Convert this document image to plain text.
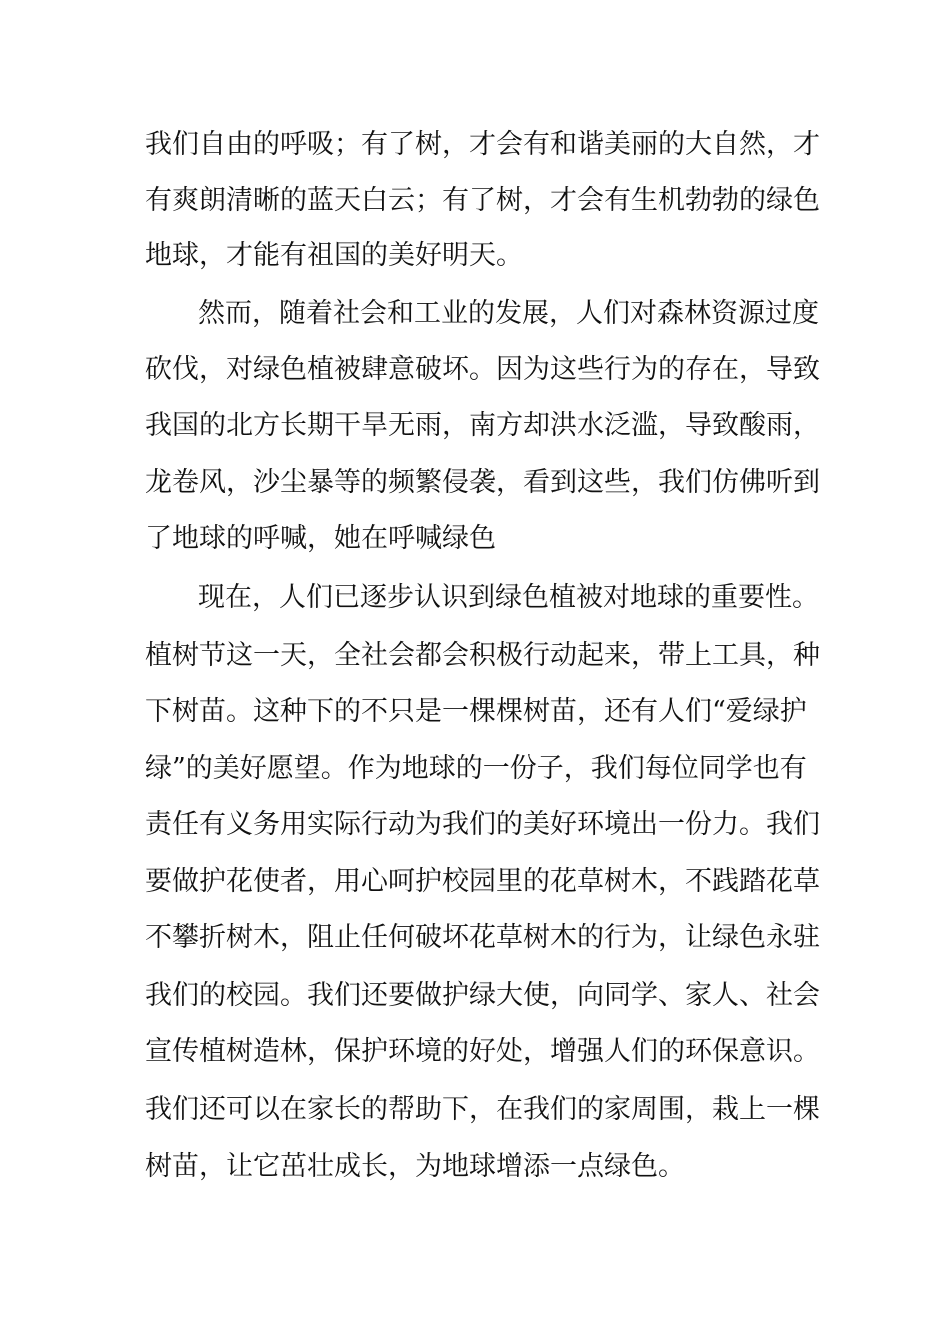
我们自由的呼吸；有了树，才会有和谐美丽的大自然，才
有爽朗清晰的蓝天白云；有了树，才会有生机勃勃的绿色
地球，才能有祖国的美好明天。
然而，随着社会和工业的发展，人们对森林资源过度
砍伐，对绿色植被肆意破坏。因为这些行为的存在，导致
我国的北方长期干旱无雨，南方却洪水泛滥，导致酸雨，
龙卷风，沙尘暴等的频繁侵袭，看到这些，我们仿佛听到
了地球的呼喊，她在呼喊绿色
现在，人们已逐步认识到绿色植被对地球的重要性。
植树节这一天，全社会都会积极行动起来，带上工具，种
下树苗。这种下的不只是一棵棵树苗，还有人们“爱绿护
绿”的美好愿望。作为地球的一份子，我们每位同学也有
责任有义务用实际行动为我们的美好环境出一份力。我们
要做护花使者，用心呵护校园里的花草树木，不践踏花草
不攀折树木，阻止任何破坏花草树木的行为，让绿色永驻
我们的校园。我们还要做护绿大使，向同学、家人、社会
宣传植树造林，保护环境的好处，增强人们的环保意识。
我们还可以在家长的帮助下，在我们的家周围，栽上一棵
树苗，让它茁壮成长，为地球增添一点绿色。
